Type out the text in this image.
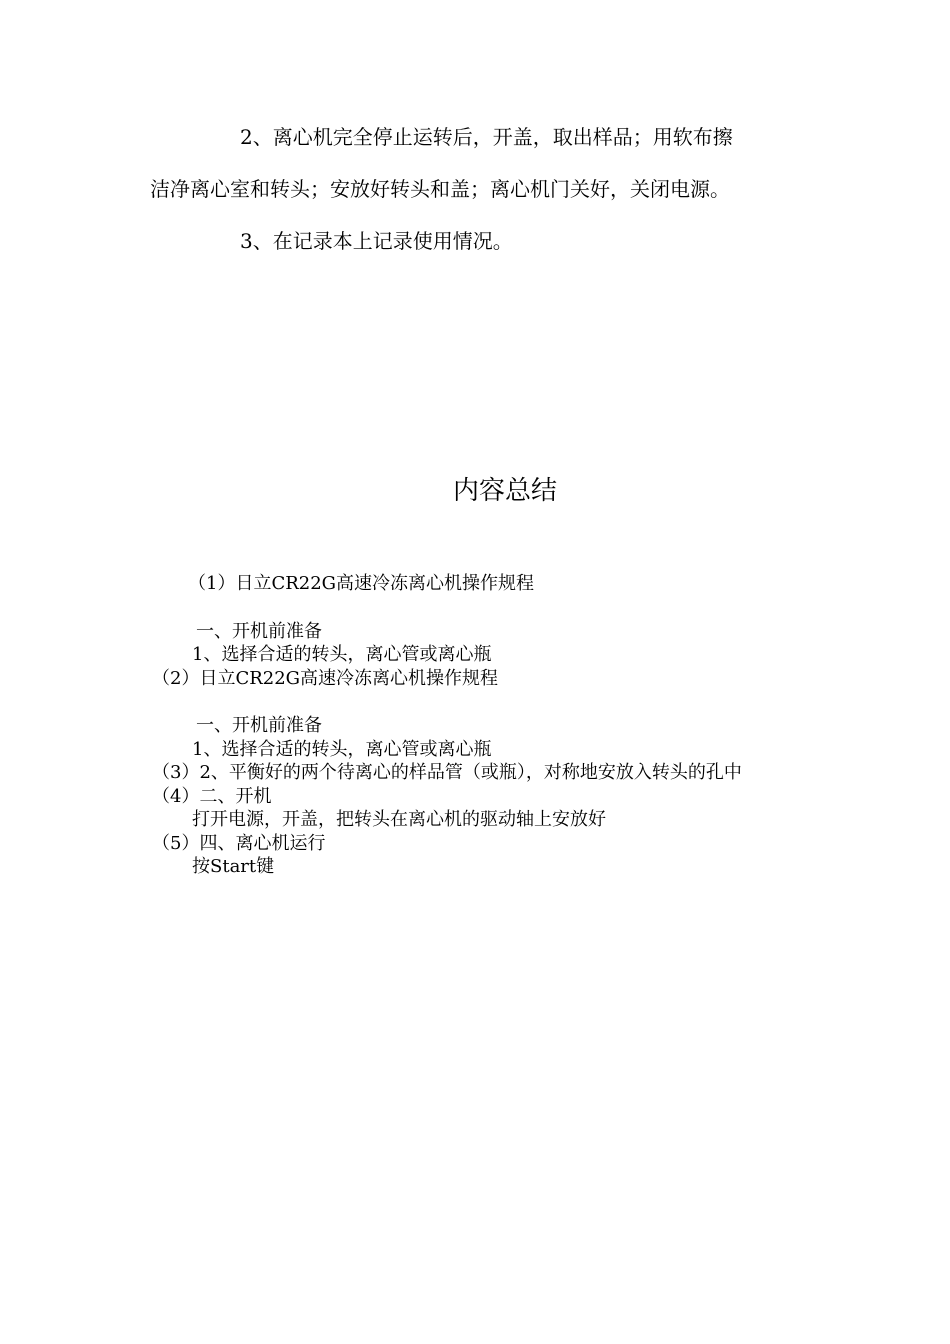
2、离心机完全停止运转后，开盖，取出样品；用软布擦

洁净离心室和转头；安放好转头和盖；离心机门关好，关闭电源。

3、在记录本上记录使用情况。

内容总结
（1）日立CR22G高速冷冻离心机操作规程
一、开机前准备
1、选择合适的转头，离心管或离心瓶
（2）日立CR22G高速冷冻离心机操作规程
一、开机前准备
1、选择合适的转头，离心管或离心瓶
（3）2、平衡好的两个待离心的样品管（或瓶），对称地安放入转头的孔中
（4）二、开机
打开电源，开盖，把转头在离心机的驱动轴上安放好
（5）四、离心机运行
按Start键
